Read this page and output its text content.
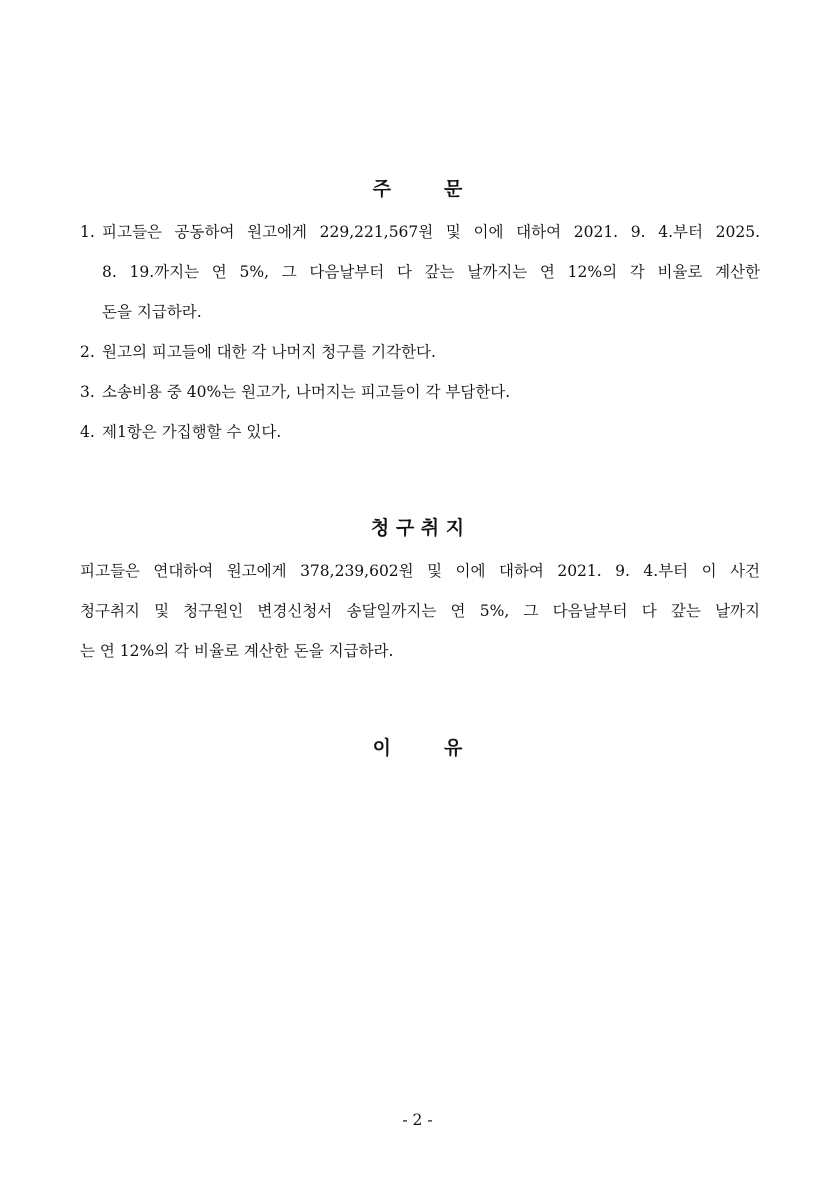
주        문
1. 피고들은 공동하여 원고에게 229,221,567원 및 이에 대하여 2021. 9. 4.부터 2025.
8. 19.까지는 연 5%, 그 다음날부터 다 갚는 날까지는 연 12%의 각 비율로 계산한
돈을 지급하라.
2. 원고의 피고들에 대한 각 나머지 청구를 기각한다.
3. 소송비용 중 40%는 원고가, 나머지는 피고들이 각 부담한다.
4. 제1항은 가집행할 수 있다.
청 구 취 지
피고들은 연대하여 원고에게 378,239,602원 및 이에 대하여 2021. 9. 4.부터 이 사건
청구취지 및 청구원인 변경신청서 송달일까지는 연 5%, 그 다음날부터 다 갚는 날까지
는 연 12%의 각 비율로 계산한 돈을 지급하라.
이        유
- 2 -
